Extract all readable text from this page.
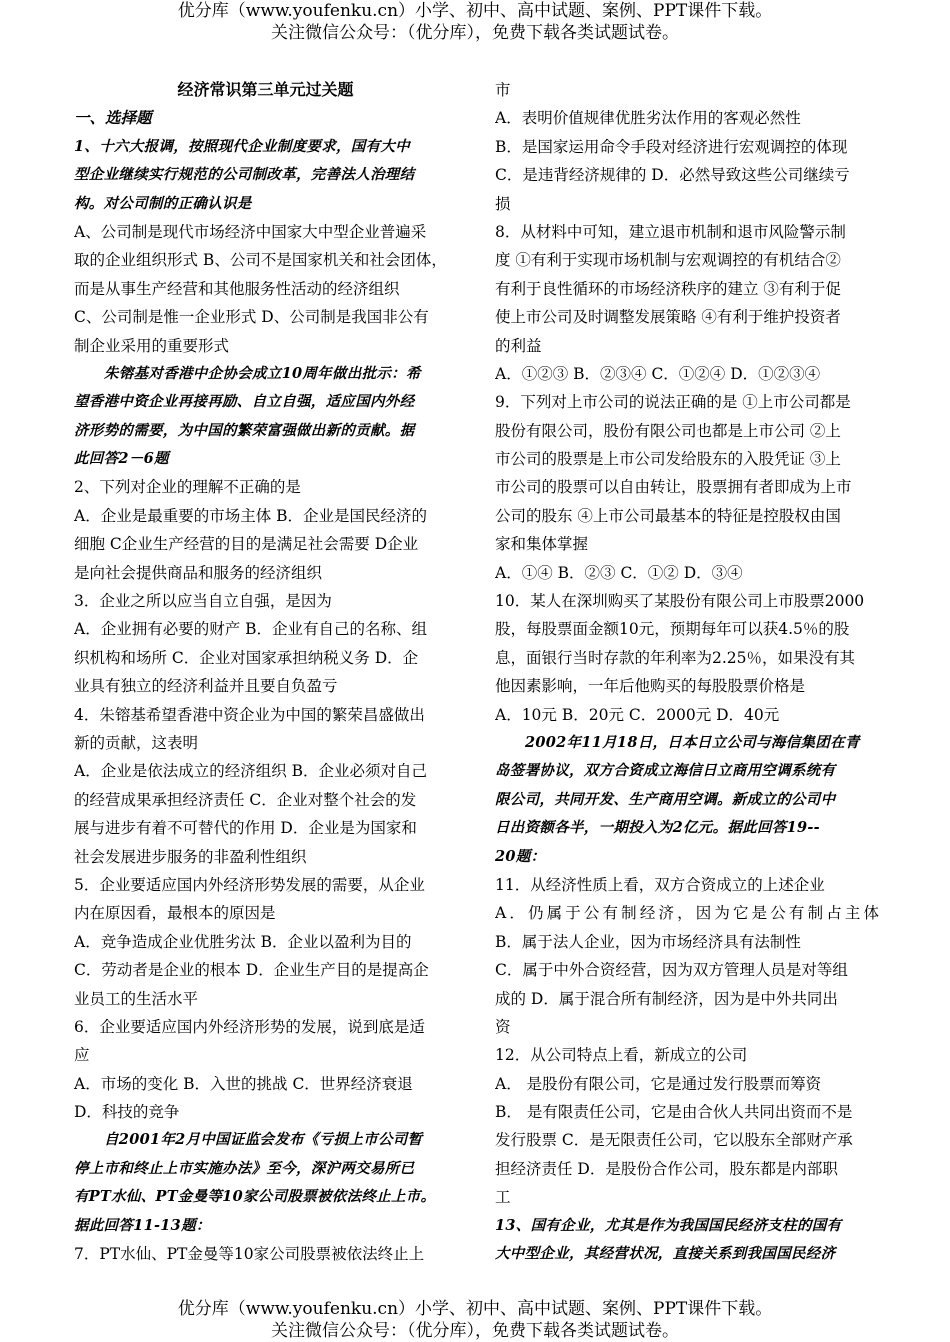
优分库（www.youfenku.cn）小学、初中、高中试题、案例、PPT课件下载。
关注微信公众号：（优分库），免费下载各类试题试卷。
经济常识第三单元过关题
一、选择题
1、十六大报调，按照现代企业制度要求，国有大中
型企业继续实行规范的公司制改革，完善法人治理结
构。对公司制的正确认识是
A、公司制是现代市场经济中国家大中型企业普遍采
取的企业组织形式 B、公司不是国家机关和社会团体，
而是从事生产经营和其他服务性活动的经济组织
C、公司制是惟一企业形式 D、公司制是我国非公有
制企业采用的重要形式
朱镕基对香港中企协会成立10周年做出批示：希
望香港中资企业再接再励、自立自强，适应国内外经
济形势的需要，为中国的繁荣富强做出新的贡献。据
此回答2－6题
2、下列对企业的理解不正确的是
A．企业是最重要的市场主体 B．企业是国民经济的
细胞 C企业生产经营的目的是满足社会需要 D企业
是向社会提供商品和服务的经济组织
3．企业之所以应当自立自强，是因为
A．企业拥有必要的财产 B．企业有自己的名称、组
织机构和场所 C．企业对国家承担纳税义务 D．企
业具有独立的经济利益并且要自负盈亏
4．朱镕基希望香港中资企业为中国的繁荣昌盛做出
新的贡献，这表明
A．企业是依法成立的经济组织 B．企业必须对自己
的经营成果承担经济责任 C．企业对整个社会的发
展与进步有着不可替代的作用 D．企业是为国家和
社会发展进步服务的非盈利性组织
5．企业要适应国内外经济形势发展的需要，从企业
内在原因看，最根本的原因是
A．竞争造成企业优胜劣汰 B．企业以盈利为目的
C．劳动者是企业的根本 D．企业生产目的是提高企
业员工的生活水平
6．企业要适应国内外经济形势的发展，说到底是适
应
A．市场的变化 B．入世的挑战 C．世界经济衰退
D．科技的竞争
自2001年2月中国证监会发布《亏损上市公司暂
停上市和终止上市实施办法》至今，深沪两交易所已
有PT水仙、PT金曼等10家公司股票被依法终止上市。
据此回答11-13题：
7．PT水仙、PT金曼等10家公司股票被依法终止上
市
A．表明价值规律优胜劣汰作用的客观必然性
B．是国家运用命令手段对经济进行宏观调控的体现
C．是违背经济规律的 D．必然导致这些公司继续亏
损
8．从材料中可知，建立退市机制和退市风险警示制
度 ①有利于实现市场机制与宏观调控的有机结合②
有利于良性循环的市场经济秩序的建立 ③有利于促
使上市公司及时调整发展策略 ④有利于维护投资者
的利益
A．①②③ B．②③④ C．①②④ D．①②③④
9．下列对上市公司的说法正确的是 ①上市公司都是
股份有限公司，股份有限公司也都是上市公司 ②上
市公司的股票是上市公司发给股东的入股凭证 ③上
市公司的股票可以自由转让，股票拥有者即成为上市
公司的股东 ④上市公司最基本的特征是控股权由国
家和集体掌握
A．①④ B．②③ C．①② D．③④
10．某人在深圳购买了某股份有限公司上市股票2000
股，每股票面金额10元，预期每年可以获4.5％的股
息，面银行当时存款的年利率为2.25％，如果没有其
他因素影响，一年后他购买的每股股票价格是
A．10元 B．20元 C．2000元 D．40元
2002年11月18日，日本日立公司与海信集团在青
岛签署协议，双方合资成立海信日立商用空调系统有
限公司，共同开发、生产商用空调。新成立的公司中
日出资额各半，一期投入为2亿元。据此回答19--
20题：
11．从经济性质上看，双方合资成立的上述企业
A．仍属于公有制经济，因为它是公有制占主体
B．属于法人企业，因为市场经济具有法制性
C．属于中外合资经营，因为双方管理人员是对等组
成的 D．属于混合所有制经济，因为是中外共同出
资
12．从公司特点上看，新成立的公司
A． 是股份有限公司，它是通过发行股票而筹资
B． 是有限责任公司，它是由合伙人共同出资而不是
发行股票 C．是无限责任公司，它以股东全部财产承
担经济责任 D．是股份合作公司，股东都是内部职
工
13、国有企业，尤其是作为我国国民经济支柱的国有
大中型企业，其经营状况，直接关系到我国国民经济
优分库（www.youfenku.cn）小学、初中、高中试题、案例、PPT课件下载。
关注微信公众号：（优分库），免费下载各类试题试卷。
